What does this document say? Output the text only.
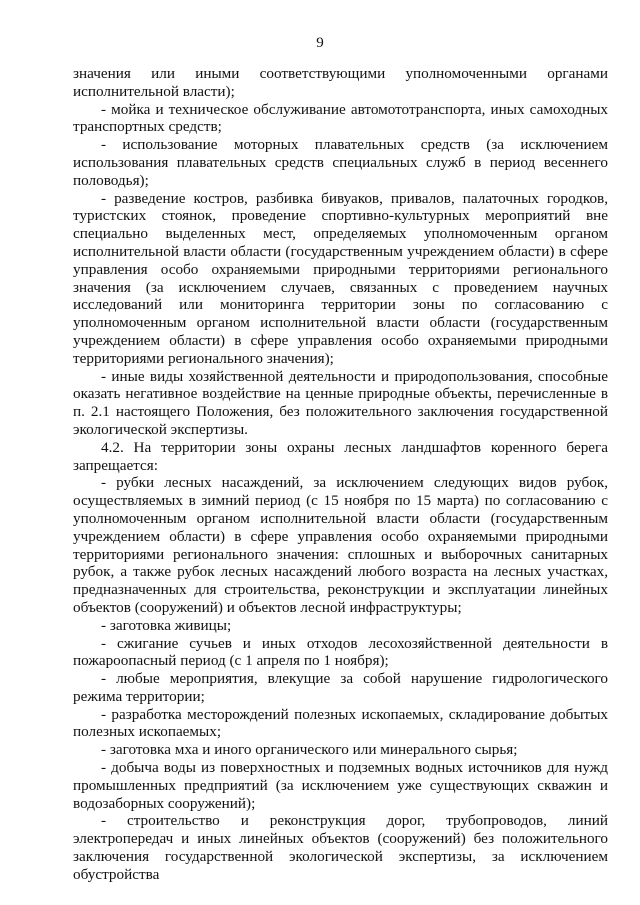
9

значения или иными соответствующими уполномоченными органами исполнительной власти);

- мойка и техническое обслуживание автомототранспорта, иных самоходных транспортных средств;

- использование моторных плавательных средств (за исключением использования плавательных средств специальных служб в период весеннего половодья);

- разведение костров, разбивка бивуаков, привалов, палаточных городков, туристских стоянок, проведение спортивно-культурных мероприятий вне специально выделенных мест, определяемых уполномоченным органом исполнительной власти области (государственным учреждением области) в сфере управления особо охраняемыми природными территориями регионального значения (за исключением случаев, связанных с проведением научных исследований или мониторинга территории зоны по согласованию с уполномоченным органом исполнительной власти области (государственным учреждением области) в сфере управления особо охраняемыми природными территориями регионального значения);

- иные виды хозяйственной деятельности и природопользования, способные оказать негативное воздействие на ценные природные объекты, перечисленные в п. 2.1 настоящего Положения, без положительного заключения государственной экологической экспертизы.

4.2. На территории зоны охраны лесных ландшафтов коренного берега запрещается:

- рубки лесных насаждений, за исключением следующих видов рубок, осуществляемых в зимний период (с 15 ноября по 15 марта) по согласованию с уполномоченным органом исполнительной власти области (государственным учреждением области) в сфере управления особо охраняемыми природными территориями регионального значения: сплошных и выборочных санитарных рубок, а также рубок лесных насаждений любого возраста на лесных участках, предназначенных для строительства, реконструкции и эксплуатации линейных объектов (сооружений) и объектов лесной инфраструктуры;

- заготовка живицы;

- сжигание сучьев и иных отходов лесохозяйственной деятельности в пожароопасный период (с 1 апреля по 1 ноября);

- любые мероприятия, влекущие за собой нарушение гидрологического режима территории;

- разработка месторождений полезных ископаемых, складирование добытых полезных ископаемых;

- заготовка мха и иного органического или минерального сырья;

- добыча воды из поверхностных и подземных водных источников для нужд промышленных предприятий (за исключением уже существующих скважин и водозаборных сооружений);

- строительство и реконструкция дорог, трубопроводов, линий электропередач и иных линейных объектов (сооружений) без положительного заключения государственной экологической экспертизы, за исключением обустройства
